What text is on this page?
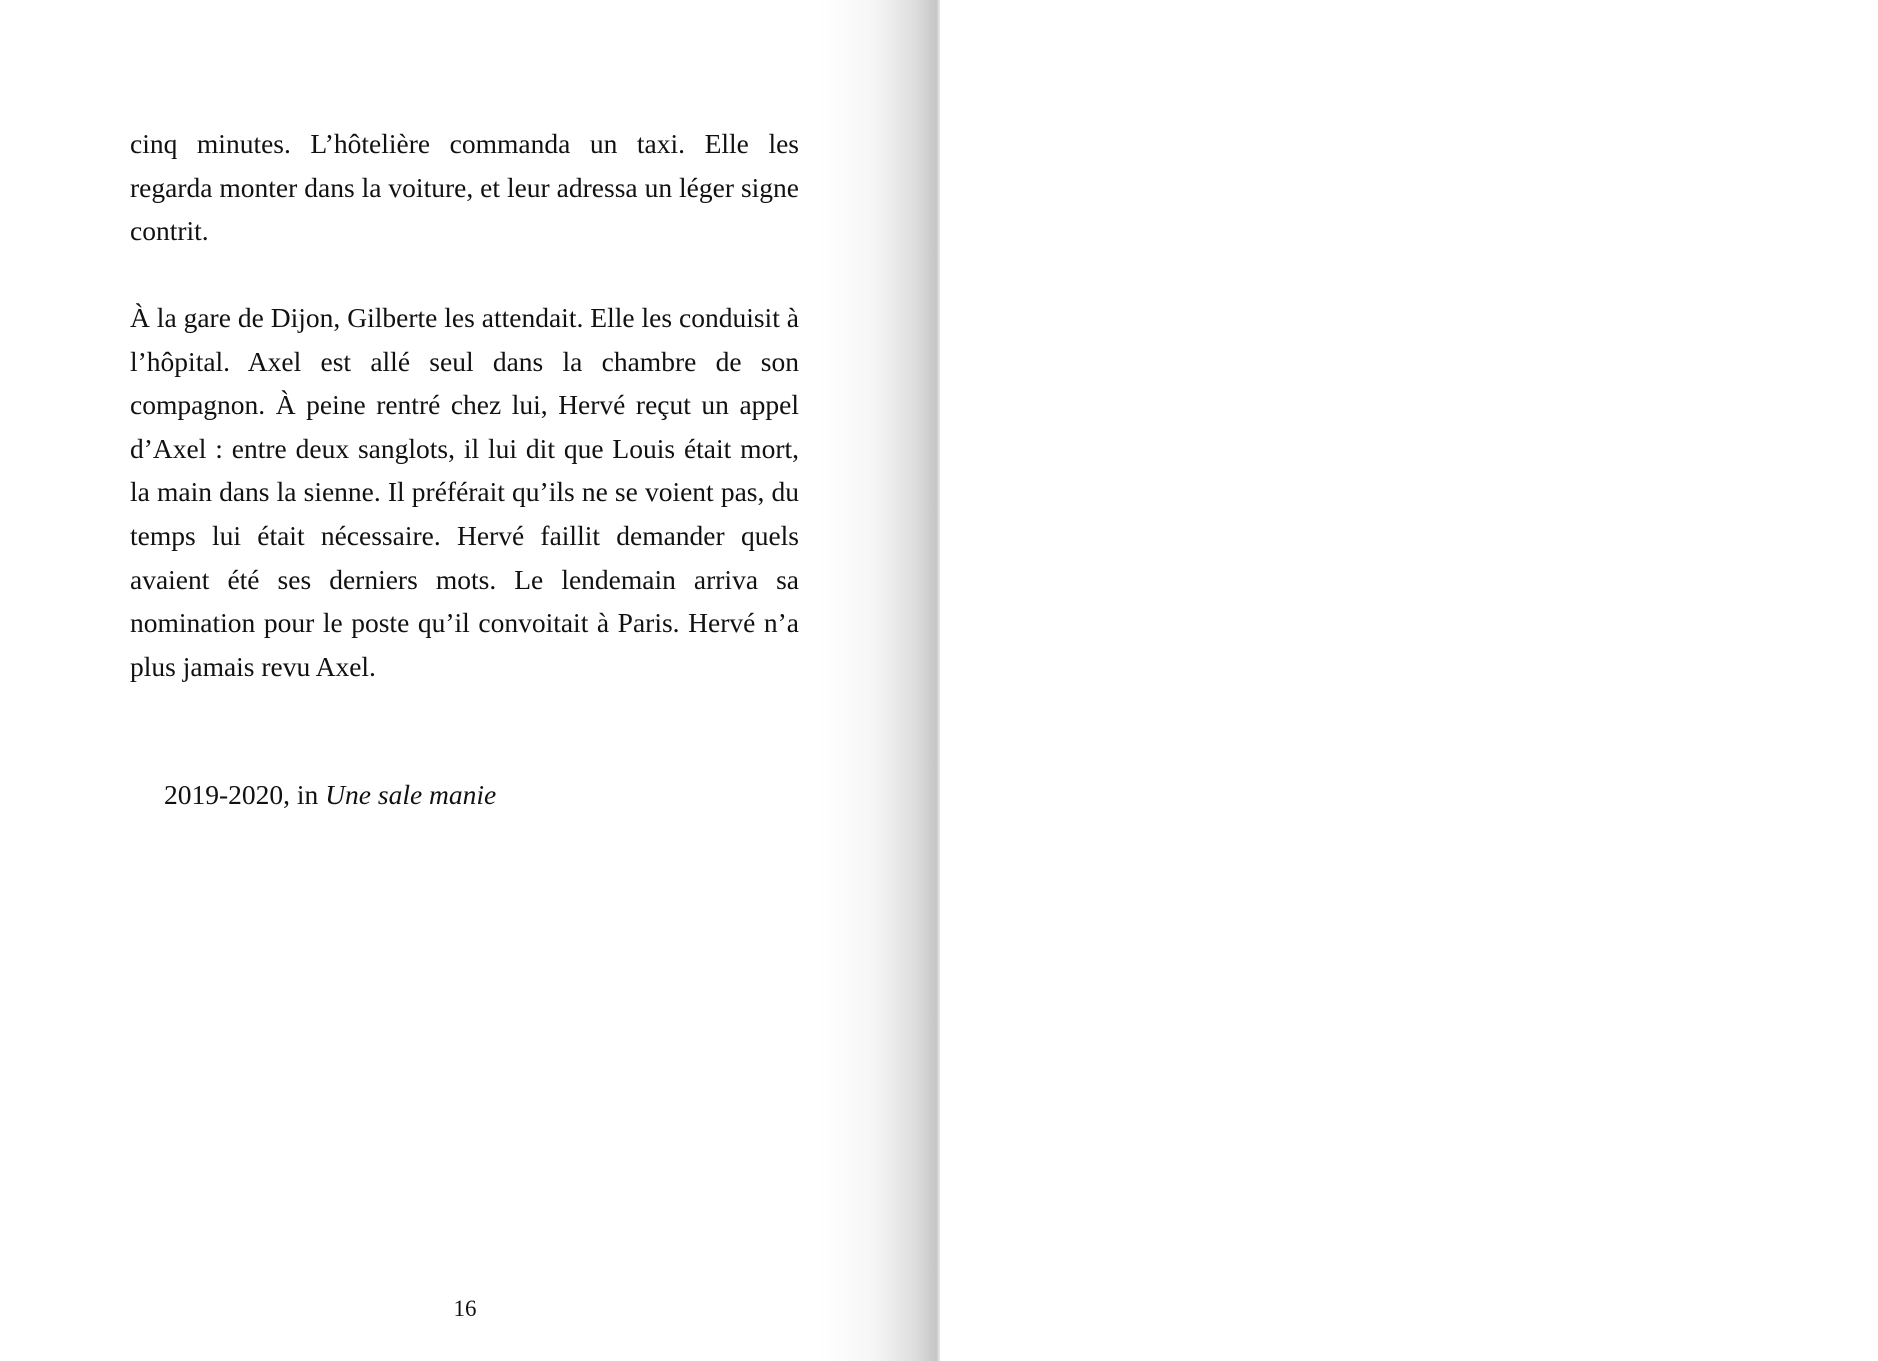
cinq minutes. L’hôtelière commanda un taxi. Elle les regarda monter dans la voiture, et leur adressa un léger signe contrit.

À la gare de Dijon, Gilberte les attendait. Elle les conduisit à l’hôpital. Axel est allé seul dans la chambre de son compagnon. À peine rentré chez lui, Hervé reçut un appel d’Axel : entre deux sanglots, il lui dit que Louis était mort, la main dans la sienne. Il préférait qu’ils ne se voient pas, du temps lui était nécessaire. Hervé faillit demander quels avaient été ses derniers mots. Le lendemain arriva sa nomination pour le poste qu’il convoitait à Paris. Hervé n’a plus jamais revu Axel.

2019-2020, in Une sale manie
16
